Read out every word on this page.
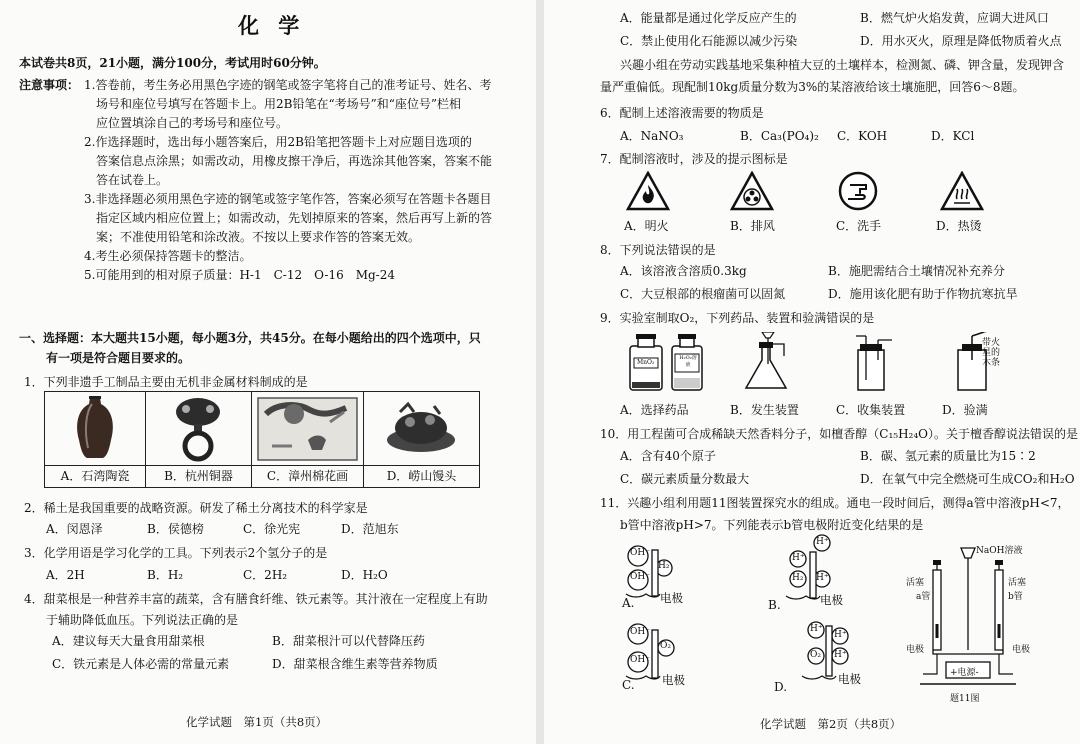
化 学
本试卷共8页，21小题，满分100分，考试用时60分钟。
注意事项： 1.答卷前，考生务必用黑色字迹的钢笔或签字笔将自己的准考证号、姓名、考
场号和座位号填写在答题卡上。用2B铅笔在“考场号”和“座位号”栏相
应位置填涂自己的考场号和座位号。
2.作选择题时，选出每小题答案后，用2B铅笔把答题卡上对应题目选项的
答案信息点涂黑；如需改动，用橡皮擦干净后，再选涂其他答案，答案不能
答在试卷上。
3.非选择题必须用黑色字迹的钢笔或签字笔作答，答案必须写在答题卡各题目
指定区域内相应位置上；如需改动，先划掉原来的答案，然后再写上新的答
案；不准使用铅笔和涂改液。不按以上要求作答的答案无效。
4.考生必须保持答题卡的整洁。
5.可能用到的相对原子质量：H-1　C-12　O-16　Mg-24
一、选择题：本大题共15小题，每小题3分，共45分。在每小题给出的四个选项中，只
有一项是符合题目要求的。
1．下列非遗手工制品主要由无机非金属材料制成的是
A．石湾陶瓷	B．杭州铜器	C．漳州棉花画	D．崂山馒头
2．稀土是我国重要的战略资源。研发了稀土分离技术的科学家是
A．闵恩泽	B．侯德榜	C．徐光宪	D．范旭东
3．化学用语是学习化学的工具。下列表示2个氢分子的是
A．2H	B．H₂	C．2H₂	D．H₂O
4．甜菜根是一种营养丰富的蔬菜，含有膳食纤维、铁元素等。其汁液在一定程度上有助
于辅助降低血压。下列说法正确的是
A．建议每天大量食用甜菜根	B．甜菜根汁可以代替降压药
C．铁元素是人体必需的常量元素	D．甜菜根含维生素等营养物质
化学试题　第1页（共8页）
A．能量都是通过化学反应产生的	B．燃气炉火焰发黄，应调大进风口
C．禁止使用化石能源以减少污染	D．用水灭火，原理是降低物质着火点
兴趣小组在劳动实践基地采集种植大豆的土壤样本，检测氮、磷、钾含量，发现钾含
量严重偏低。现配制10kg质量分数为3%的某溶液给该土壤施肥，回答6～8题。
6．配制上述溶液需要的物质是
A．NaNO₃	B．Ca₃(PO₄)₂ C．KOH	D．KCl
7．配制溶液时，涉及的提示图标是
A．明火	B．排风	C．洗手	D．热烫
8．下列说法错误的是
A．该溶液含溶质0.3kg	B．施肥需结合土壤情况补充养分
C．大豆根部的根瘤菌可以固氮	D．施用该化肥有助于作物抗寒抗旱
9．实验室制取O₂，下列药品、装置和验满错误的是
MnO₂
H₂O₂溶液
带火
星的
木条
A．选择药品	B．发生装置	C．收集装置	D．验满
10．用工程菌可合成稀缺天然香料分子，如檀香醇（C₁₅H₂₄O）。关于檀香醇说法错误的是
A．含有40个原子	B．碳、氢元素的质量比为15∶2
C．碳元素质量分数最大	D．在氧气中完全燃烧可生成CO₂和H₂O
11．兴趣小组利用题11图装置探究水的组成。通电一段时间后，测得a管中溶液pH<7，
b管中溶液pH>7。下列能表示b管电极附近变化结果的是
OH⁻
OH⁻
H₂
电极
A.
H⁺
H⁺
H⁺
H₂
电极
B.
OH⁻
OH⁻
O₂
电极
C.
H⁺
H⁺
H⁺
O₂
电极
D.
NaOH溶液
活塞	活塞
a管	b管
电极	电极
+电源-
题11图
化学试题　第2页（共8页）
